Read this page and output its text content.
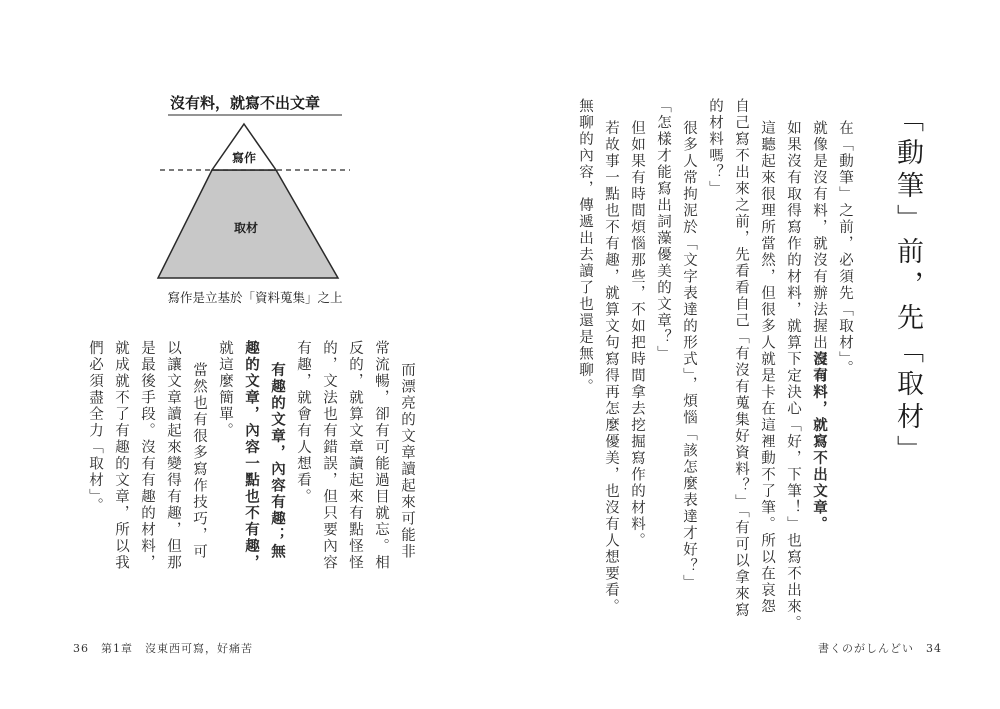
「動筆」前，先「取材」
在「動筆」之前，必須先「取材」。
就像是沒有料，就沒有辦法握出壽司。
沒有料，就寫不出文章。
如果沒有取得寫作的材料，就算下定決心「好，下筆！」也寫不出來。
這聽起來很理所當然，但很多人就是卡在這裡動不了筆。所以在哀怨
自己寫不出來之前，先看看自己「有沒有蒐集好資料？」「有可以拿來寫
的材料嗎？」
很多人常拘泥於「文字表達的形式」，煩惱「該怎麼表達才好？」
「怎樣才能寫出詞藻優美的文章？」
但如果有時間煩惱那些，不如把時間拿去挖掘寫作的材料。
若故事一點也不有趣，就算文句寫得再怎麼優美，也沒有人想要看。
無聊的內容，傳遞出去讀了也還是無聊。
書くのがしんどい　34
沒有料，就寫不出文章
寫作
取材
寫作是立基於「資料蒐集」之上
而漂亮的文章讀起來可能非
常流暢，卻有可能過目就忘。相
反的，就算文章讀起來有點怪怪
的，文法也有錯誤，但只要內容
有趣，就會有人想看。
有趣的文章，內容有趣；無
趣的文章，內容一點也不有趣，
就這麼簡單。
當然也有很多寫作技巧，可
以讓文章讀起來變得有趣，但那
是最後手段。沒有有趣的材料，
就成就不了有趣的文章，所以我
們必須盡全力「取材」。
36　第1章　沒東西可寫，好痛苦
